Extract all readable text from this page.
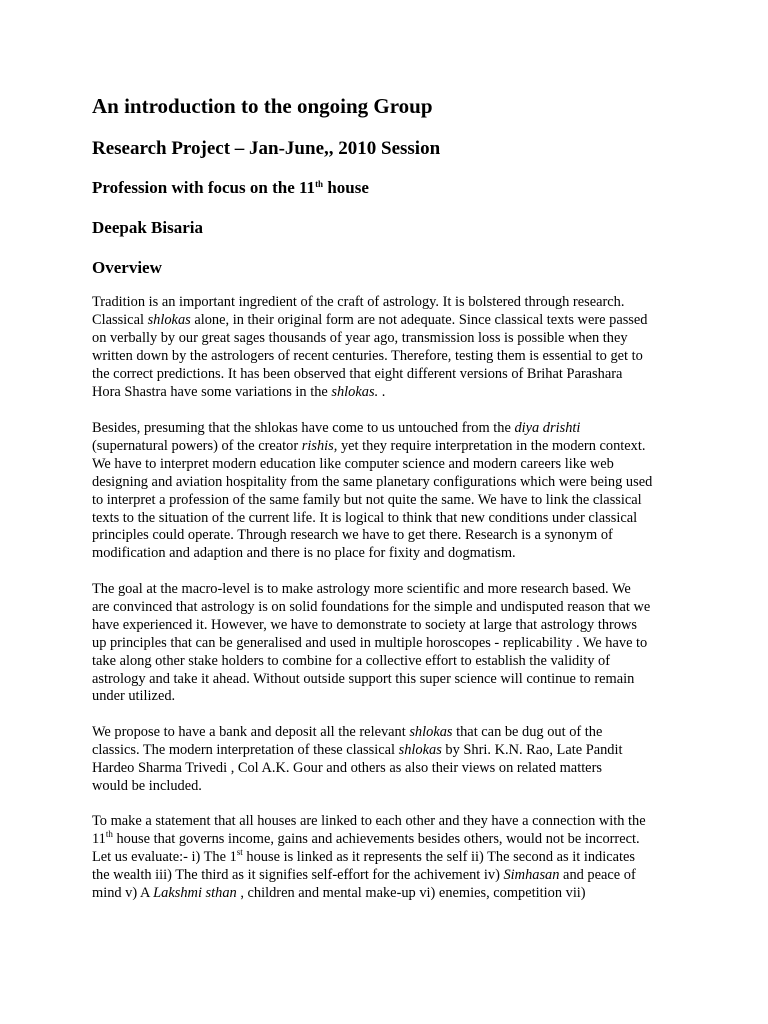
An introduction to the ongoing Group
Research Project – Jan-June,, 2010 Session
Profession with focus on the 11th house
Deepak Bisaria
Overview
Tradition is an important ingredient of the craft of astrology. It is bolstered through research.
Classical shlokas alone, in their original form are not adequate. Since classical texts were passed
on verbally by our great sages thousands of year ago, transmission loss is possible when they
written down by the astrologers of recent centuries. Therefore, testing them is essential to get to
the correct predictions. It has been observed that eight different versions of Brihat Parashara
Hora Shastra have some variations in the shlokas. .
Besides, presuming that the shlokas have come to us untouched from the diya drishti
(supernatural powers) of the creator rishis, yet they require interpretation in the modern context.
We have to interpret modern education like computer science and modern careers like web
designing and aviation hospitality from the same planetary configurations which were being used
to interpret a profession of the same family but not quite the same. We have to link the classical
texts to the situation of the current life. It is logical to think that new conditions under classical
principles could operate. Through research we have to get there. Research is a synonym of
modification and adaption and there is no place for fixity and dogmatism.
The goal at the macro-level is to make astrology more scientific and more research based. We
are convinced that astrology is on solid foundations for the simple and undisputed reason that we
have experienced it. However, we have to demonstrate to society at large that astrology throws
up principles that can be generalised and used in multiple horoscopes - replicability . We have to
take along other stake holders to combine for a collective effort to establish the validity of
astrology and take it ahead. Without outside support this super science will continue to remain
under utilized.
We propose to have a bank and deposit all the relevant shlokas that can be dug out of the
classics. The modern interpretation of these classical shlokas by Shri. K.N. Rao, Late Pandit
Hardeo Sharma Trivedi , Col A.K. Gour and others as also their views on related matters
would be included.
To make a statement that all houses are linked to each other and they have a connection with the
11th house that governs income, gains and achievements besides others, would not be incorrect.
Let us evaluate:- i) The 1st house is linked as it represents the self ii) The second as it indicates
the wealth iii) The third as it signifies self-effort for the achivement iv) Simhasan and peace of
mind v) A Lakshmi sthan , children and mental make-up vi) enemies, competition vii)
